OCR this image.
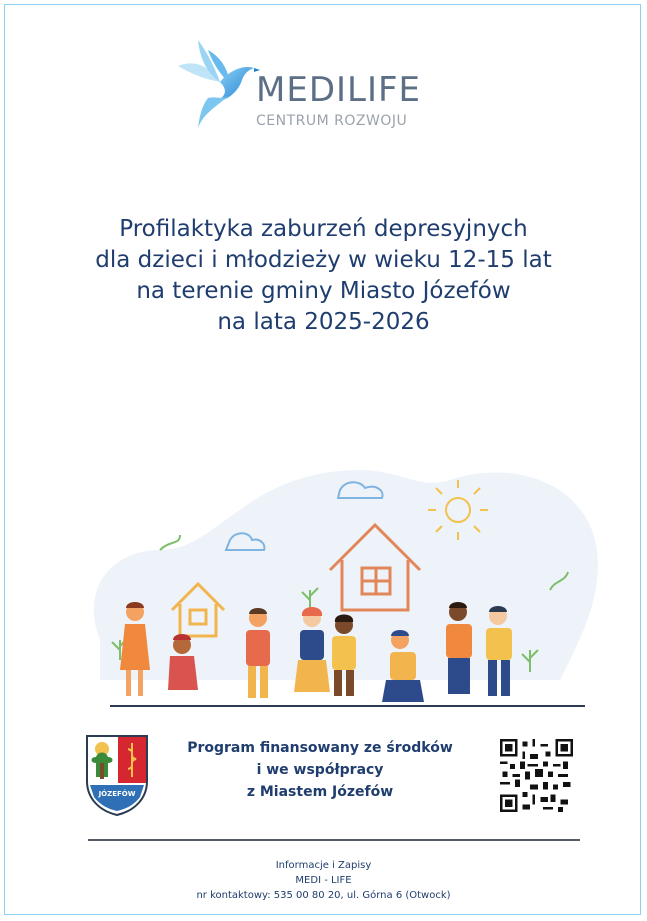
MEDILIFE
CENTRUM ROZWOJU
Profilaktyka zaburzeń depresyjnych
dla dzieci i młodzieży w wieku 12-15 lat
na terenie gminy Miasto Józefów
na lata 2025-2026
JÓZEFÓW
Program finansowany ze środków
i we współpracy
z Miastem Józefów
Informacje i Zapisy
MEDI - LIFE
nr kontaktowy: 535 00 80 20, ul. Górna 6 (Otwock)
